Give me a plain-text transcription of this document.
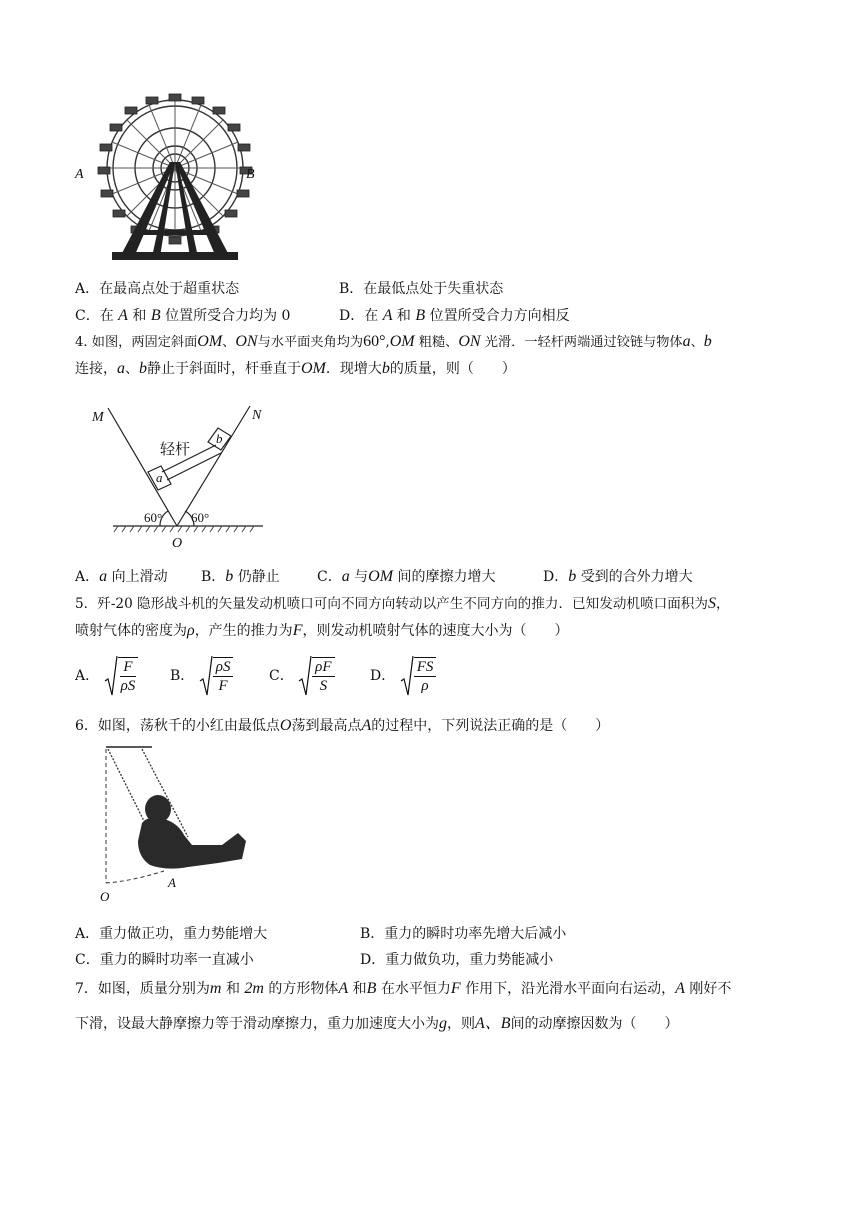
A	B
A．在最高点处于超重状态	B．在最低点处于失重状态
C．在 A 和 B 位置所受合力均为 0	D．在 A 和 B 位置所受合力方向相反
4. 如图，两固定斜面OM、ON与水平面夹角均为60°,OM 粗糙、ON 光滑．一轻杆两端通过铰链与物体a、b
连接，a、b静止于斜面时，杆垂直于OM．现增大b的质量，则（　　）
M	N
轻杆
a
b
60° 60°
O
A．a 向上滑动 B．b 仍静止	C．a 与OM 间的摩擦力增大	D．b 受到的合外力增大
5．歼-20 隐形战斗机的矢量发动机喷口可向不同方向转动以产生不同方向的推力．已知发动机喷口面积为S，
喷射气体的密度为ρ，产生的推力为F，则发动机喷射气体的速度大小为（　　）
A． $\frac{F}{\rho S}$ B． $\frac{\rho S}{F}$	C． $\frac{\rho F}{S}$	D． $\frac{FS}{\rho}$
6．如图，荡秋千的小红由最低点O荡到最高点A的过程中，下列说法正确的是（　　）
O
A
A．重力做正功，重力势能增大	B．重力的瞬时功率先增大后减小
C．重力的瞬时功率一直减小	D．重力做负功，重力势能减小
7．如图，质量分别为m 和 2m 的方形物体A 和B 在水平恒力F 作用下，沿光滑水平面向右运动，A 刚好不
下滑，设最大静摩擦力等于滑动摩擦力，重力加速度大小为g，则A、B间的动摩擦因数为（　　）
